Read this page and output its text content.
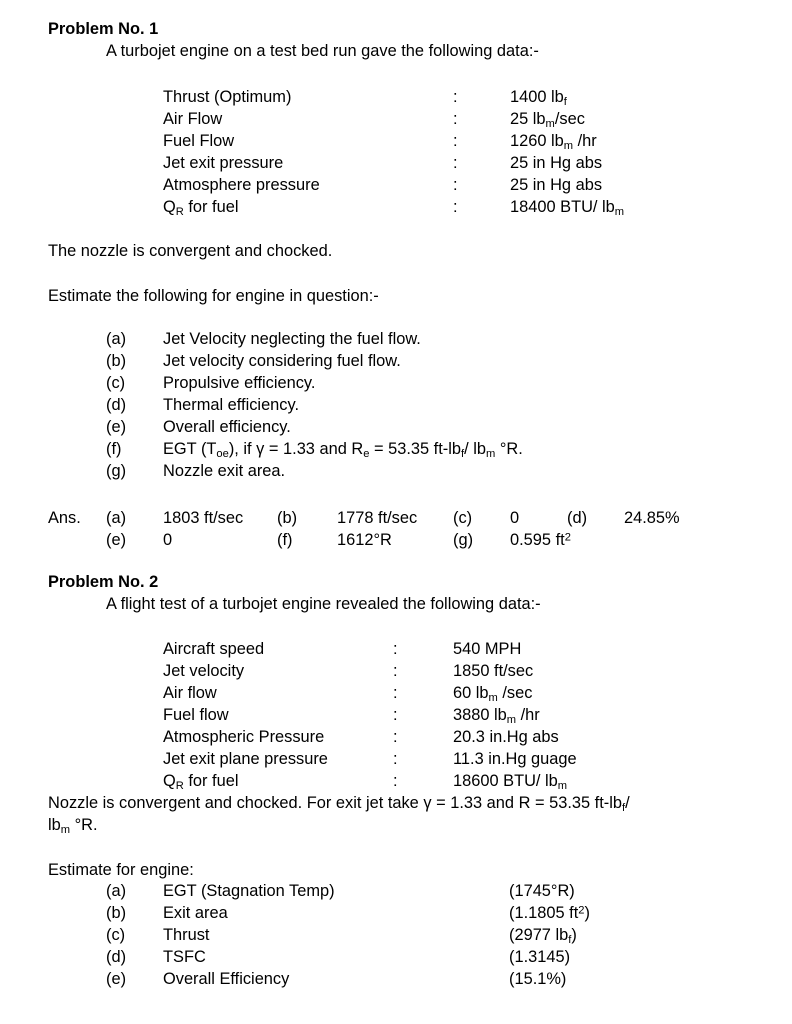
Problem No. 1
A turbojet engine on a test bed run gave the following data:-
Thrust (Optimum)	:	1400 $lb_f$
Air Flow	:	25 $lb_m/\sec$
Fuel Flow	:	1260 $lb_m$ /hr
Jet exit pressure	:	25 in Hg abs
Atmosphere pressure	:	25 in Hg abs
$Q_R$ for fuel	:	18400 BTU/ $lb_m$
The nozzle is convergent and chocked.
Estimate the following for engine in question:-
(a) Jet Velocity neglecting the fuel flow.
(b) Jet velocity considering fuel flow.
(c) Propulsive efficiency.
(d) Thermal efficiency.
(e) Overall efficiency.
(f)	EGT $(T_{oe})$, if γ = 1.33 and $R_e = 53.35$ $ft-lb_f/$ $lb_m$ °R.
(g) Nozzle exit area.
Ans. (a) 1803 ft/sec (b) 1778 ft/sec (c) 0	(d) 24.85%
(e) 0	(f)	1612°R	(g) 0.595 $ft^2$
Problem No. 2
A flight test of a turbojet engine revealed the following data:-
Aircraft speed	:	540 MPH
Jet velocity	:	1850 ft/sec
Air flow	:	60 $lb_m$ /sec
Fuel flow	:	3880 $lb_m$ /hr
Atmospheric Pressure	:	20.3 in.Hg abs
Jet exit plane pressure	:	11.3 in.Hg guage
$Q_R$ for fuel	:	18600 BTU/ $lb_m$
Nozzle is convergent and chocked. For exit jet take γ = 1.33 and R = 53.35 $ft-lb_f/$
$lb_m$ °R.
Estimate for engine:
(a) EGT (Stagnation Temp)	(1745°R)
(b) Exit area	(1.1805 $ft^2$)
(c) Thrust	(2977 $lb_f$)
(d) TSFC	(1.3145)
(e) Overall Efficiency	(15.1%)
